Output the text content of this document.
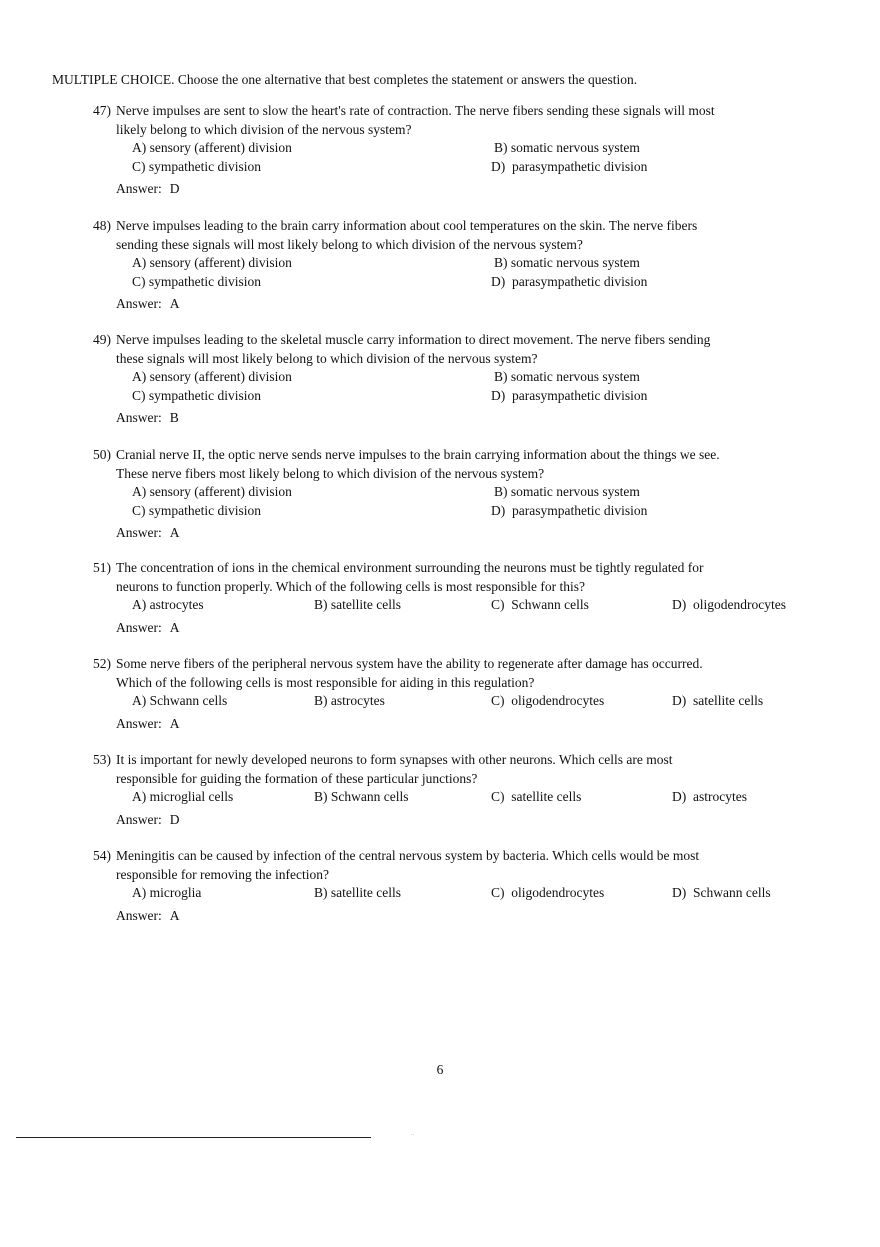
MULTIPLE CHOICE. Choose the one alternative that best completes the statement or answers the question.
47) Nerve impulses are sent to slow the heart's rate of contraction. The nerve fibers sending these signals will most
likely belong to which division of the nervous system?
A) sensory (afferent) division	B) somatic nervous system
C) sympathetic division	D) parasympathetic division
Answer: D
48) Nerve impulses leading to the brain carry information about cool temperatures on the skin. The nerve fibers
sending these signals will most likely belong to which division of the nervous system?
A) sensory (afferent) division	B) somatic nervous system
C) sympathetic division	D) parasympathetic division
Answer: A
49) Nerve impulses leading to the skeletal muscle carry information to direct movement. The nerve fibers sending
these signals will most likely belong to which division of the nervous system?
A) sensory (afferent) division	B) somatic nervous system
C) sympathetic division	D) parasympathetic division
Answer: B
50) Cranial nerve II, the optic nerve sends nerve impulses to the brain carrying information about the things we see.
These nerve fibers most likely belong to which division of the nervous system?
A) sensory (afferent) division	B) somatic nervous system
C) sympathetic division	D) parasympathetic division
Answer: A
51) The concentration of ions in the chemical environment surrounding the neurons must be tightly regulated for
neurons to function properly. Which of the following cells is most responsible for this?
A) astrocytes	B) satellite cells	C) Schwann cells	D) oligodendrocytes
Answer: A
52) Some nerve fibers of the peripheral nervous system have the ability to regenerate after damage has occurred.
Which of the following cells is most responsible for aiding in this regulation?
A) Schwann cells	B) astrocytes	C) oligodendrocytes	D) satellite cells
Answer: A
53) It is important for newly developed neurons to form synapses with other neurons. Which cells are most
responsible for guiding the formation of these particular junctions?
A) microglial cells	B) Schwann cells	C) satellite cells	D) astrocytes
Answer: D
54) Meningitis can be caused by infection of the central nervous system by bacteria. Which cells would be most
responsible for removing the infection?
A) microglia	B) satellite cells	C) oligodendrocytes	D) Schwann cells
Answer: A
6
··
